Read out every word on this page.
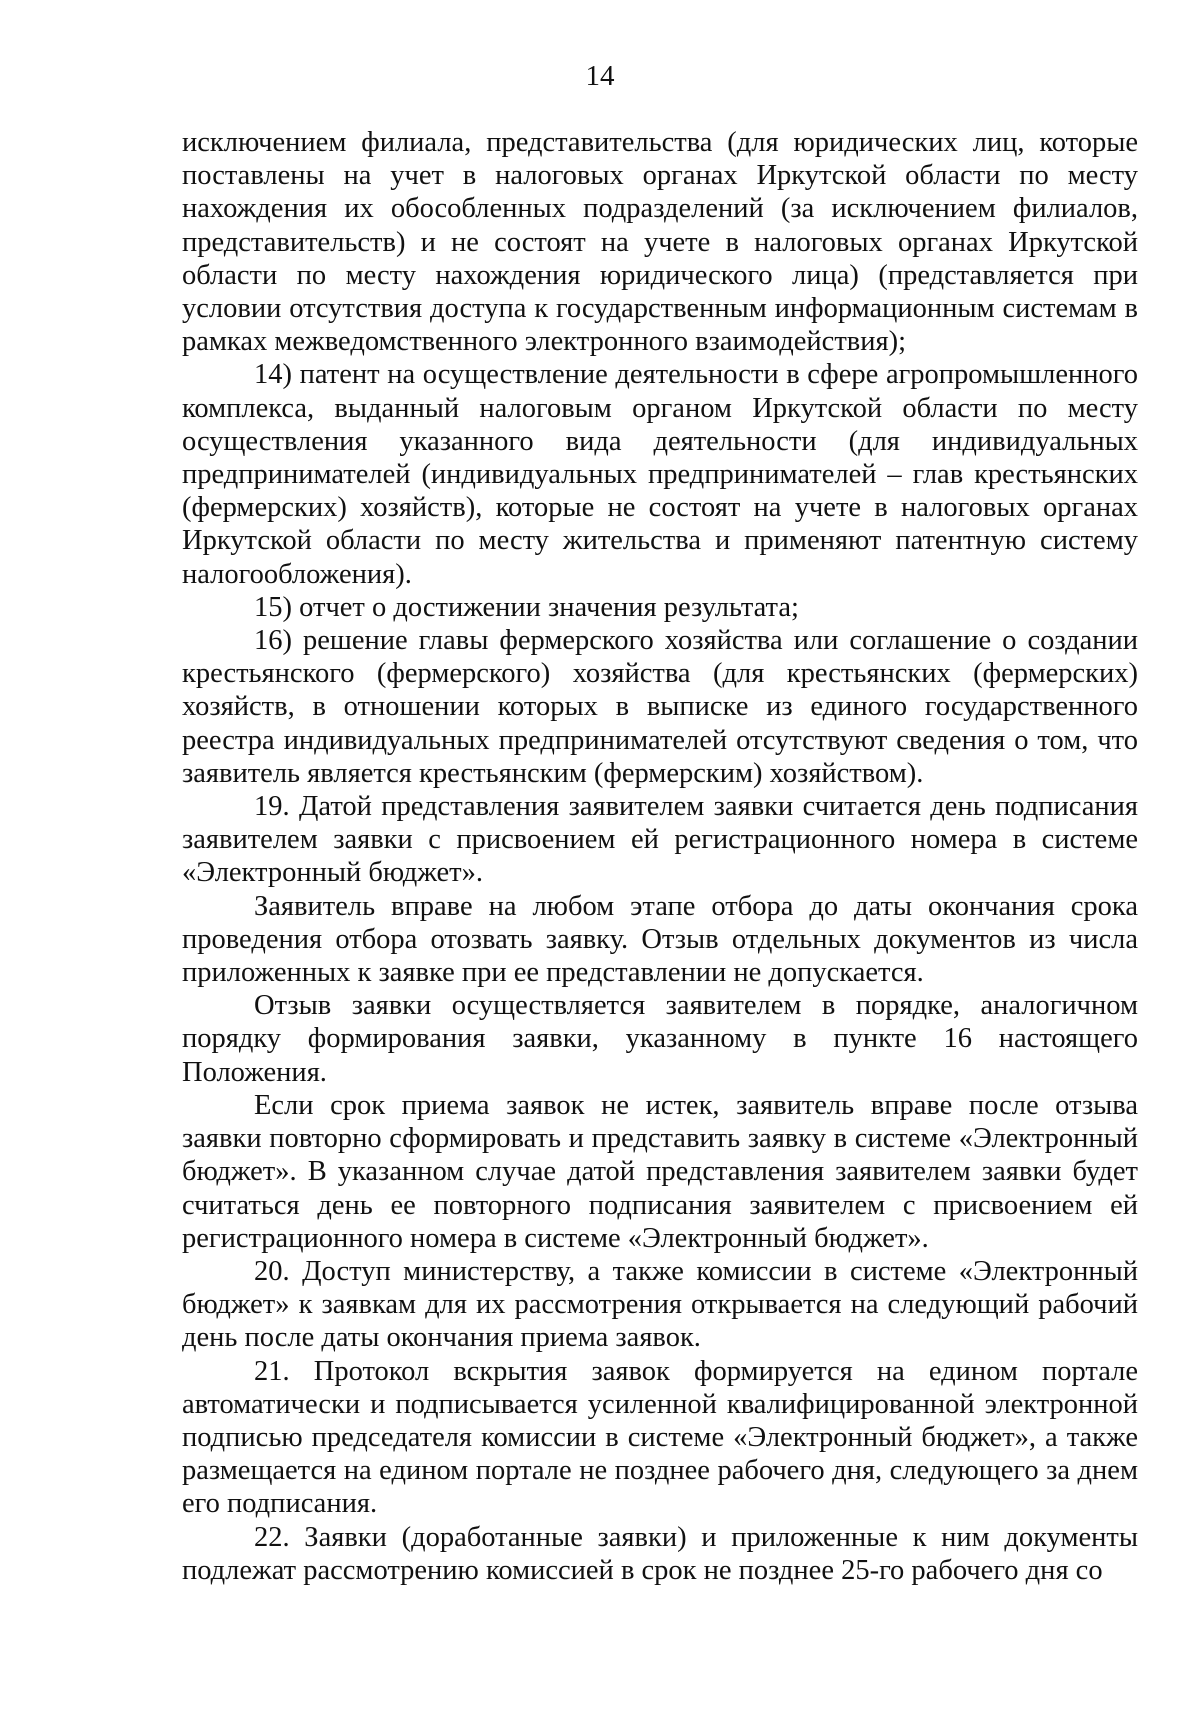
14

исключением филиала, представительства (для юридических лиц, которые поставлены на учет в налоговых органах Иркутской области по месту нахождения их обособленных подразделений (за исключением филиалов, представительств) и не состоят на учете в налоговых органах Иркутской области по месту нахождения юридического лица) (представляется при условии отсутствия доступа к государственным информационным системам в рамках межведомственного электронного взаимодействия);

14) патент на осуществление деятельности в сфере агропромышленного комплекса, выданный налоговым органом Иркутской области по месту осуществления указанного вида деятельности (для индивидуальных предпринимателей (индивидуальных предпринимателей – глав крестьянских (фермерских) хозяйств), которые не состоят на учете в налоговых органах Иркутской области по месту жительства и применяют патентную систему налогообложения).

15) отчет о достижении значения результата;

16) решение главы фермерского хозяйства или соглашение о создании крестьянского (фермерского) хозяйства (для крестьянских (фермерских) хозяйств, в отношении которых в выписке из единого государственного реестра индивидуальных предпринимателей отсутствуют сведения о том, что заявитель является крестьянским (фермерским) хозяйством).

19. Датой представления заявителем заявки считается день подписания заявителем заявки с присвоением ей регистрационного номера в системе «Электронный бюджет».

Заявитель вправе на любом этапе отбора до даты окончания срока проведения отбора отозвать заявку. Отзыв отдельных документов из числа приложенных к заявке при ее представлении не допускается.

Отзыв заявки осуществляется заявителем в порядке, аналогичном порядку формирования заявки, указанному в пункте 16 настоящего Положения.

Если срок приема заявок не истек, заявитель вправе после отзыва заявки повторно сформировать и представить заявку в системе «Электронный бюджет». В указанном случае датой представления заявителем заявки будет считаться день ее повторного подписания заявителем с присвоением ей регистрационного номера в системе «Электронный бюджет».

20. Доступ министерству, а также комиссии в системе «Электронный бюджет» к заявкам для их рассмотрения открывается на следующий рабочий день после даты окончания приема заявок.

21. Протокол вскрытия заявок формируется на едином портале автоматически и подписывается усиленной квалифицированной электронной подписью председателя комиссии в системе «Электронный бюджет», а также размещается на едином портале не позднее рабочего дня, следующего за днем его подписания.

22. Заявки (доработанные заявки) и приложенные к ним документы подлежат рассмотрению комиссией в срок не позднее 25-го рабочего дня со
